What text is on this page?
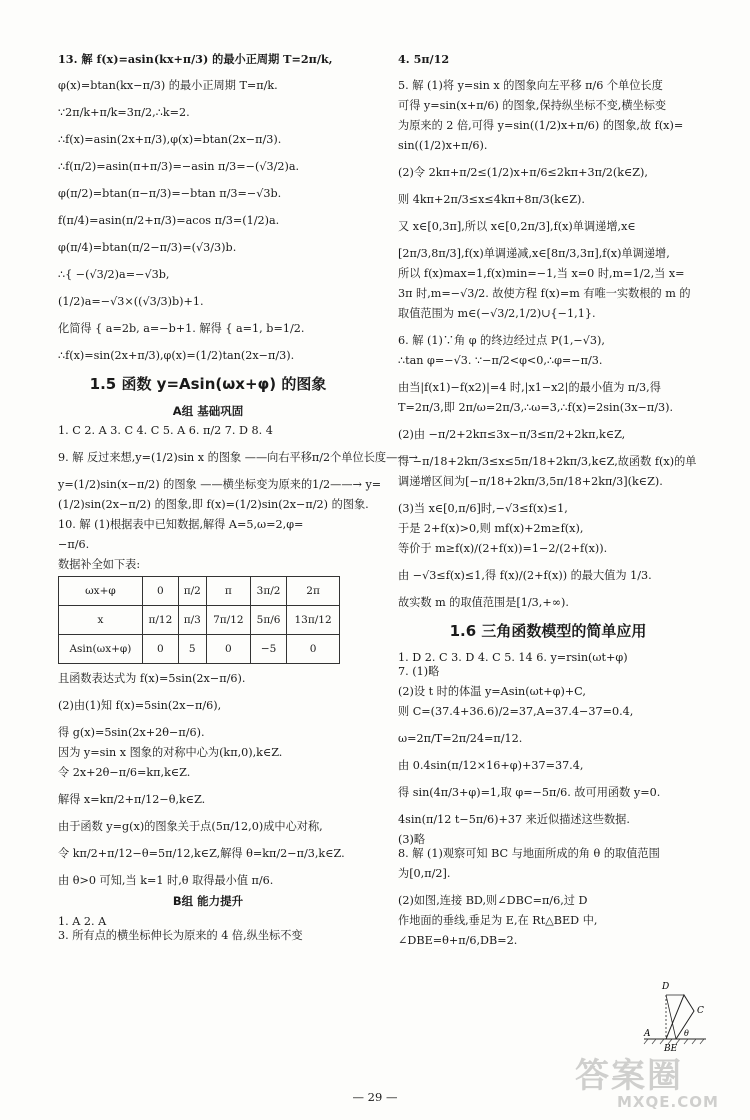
13. 解 f(x)=asin(kx+π/3) 的最小正周期 T=2π/k,

φ(x)=btan(kx−π/3) 的最小正周期 T=π/k.

∵2π/k+π/k=3π/2,∴k=2.

∴f(x)=asin(2x+π/3),φ(x)=btan(2x−π/3).

∴f(π/2)=asin(π+π/3)=−asin π/3=−(√3/2)a.

φ(π/2)=btan(π−π/3)=−btan π/3=−√3b.

f(π/4)=asin(π/2+π/3)=acos π/3=(1/2)a.

φ(π/4)=btan(π/2−π/3)=(√3/3)b.

∴{ −(√3/2)a=−√3b,

(1/2)a=−√3×((√3/3)b)+1.

化简得 { a=2b, a=−b+1. 解得 { a=1, b=1/2.

∴f(x)=sin(2x+π/3),φ(x)=(1/2)tan(2x−π/3).

1.5 函数 y=Asin(ωx+φ) 的图象
A组 基础巩固

1. C 2. A 3. C 4. C 5. A 6. π/2 7. D 8. 4

9. 解 反过来想,y=(1/2)sin x 的图象 ——向右平移π/2个单位长度——→

y=(1/2)sin(x−π/2) 的图象 ——横坐标变为原来的1/2——→ y=

(1/2)sin(2x−π/2) 的图象,即 f(x)=(1/2)sin(2x−π/2) 的图象.

10. 解 (1)根据表中已知数据,解得 A=5,ω=2,φ=

−π/6.

数据补全如下表:

ωx+φ	0	π/2	π	3π/2	2π
x	π/12	π/3	7π/12	5π/6	13π/12
Asin(ωx+φ)	0	5	0	−5	0

且函数表达式为 f(x)=5sin(2x−π/6).

(2)由(1)知 f(x)=5sin(2x−π/6),

得 g(x)=5sin(2x+2θ−π/6).

因为 y=sin x 图象的对称中心为(kπ,0),k∈Z.

令 2x+2θ−π/6=kπ,k∈Z.

解得 x=kπ/2+π/12−θ,k∈Z.

由于函数 y=g(x)的图象关于点(5π/12,0)成中心对称,

令 kπ/2+π/12−θ=5π/12,k∈Z,解得 θ=kπ/2−π/3,k∈Z.

由 θ>0 可知,当 k=1 时,θ 取得最小值 π/6.

B组 能力提升

1. A 2. A

3. 所有点的横坐标伸长为原来的 4 倍,纵坐标不变

4. 5π/12

5. 解 (1)将 y=sin x 的图象向左平移 π/6 个单位长度

可得 y=sin(x+π/6) 的图象,保持纵坐标不变,横坐标变

为原来的 2 倍,可得 y=sin((1/2)x+π/6) 的图象,故 f(x)=

sin((1/2)x+π/6).

(2)令 2kπ+π/2≤(1/2)x+π/6≤2kπ+3π/2(k∈Z),

则 4kπ+2π/3≤x≤4kπ+8π/3(k∈Z).

又 x∈[0,3π],所以 x∈[0,2π/3],f(x)单调递增,x∈

[2π/3,8π/3],f(x)单调递减,x∈[8π/3,3π],f(x)单调递增,

所以 f(x)max=1,f(x)min=−1,当 x=0 时,m=1/2,当 x=

3π 时,m=−√3/2. 故使方程 f(x)=m 有唯一实数根的 m 的

取值范围为 m∈(−√3/2,1/2)∪{−1,1}.

6. 解 (1)∵角 φ 的终边经过点 P(1,−√3),

∴tan φ=−√3. ∵−π/2<φ<0,∴φ=−π/3.

由当|f(x1)−f(x2)|=4 时,|x1−x2|的最小值为 π/3,得

T=2π/3,即 2π/ω=2π/3,∴ω=3,∴f(x)=2sin(3x−π/3).

(2)由 −π/2+2kπ≤3x−π/3≤π/2+2kπ,k∈Z,

得 −π/18+2kπ/3≤x≤5π/18+2kπ/3,k∈Z,故函数 f(x)的单

调递增区间为[−π/18+2kπ/3,5π/18+2kπ/3](k∈Z).

(3)当 x∈[0,π/6]时,−√3≤f(x)≤1,

于是 2+f(x)>0,则 mf(x)+2m≥f(x),

等价于 m≥f(x)/(2+f(x))=1−2/(2+f(x)).

由 −√3≤f(x)≤1,得 f(x)/(2+f(x)) 的最大值为 1/3.

故实数 m 的取值范围是[1/3,+∞).

1.6 三角函数模型的简单应用

1. D 2. C 3. D 4. C 5. 14 6. y=rsin(ωt+φ)

7. (1)略

(2)设 t 时的体温 y=Asin(ωt+φ)+C,

则 C=(37.4+36.6)/2=37,A=37.4−37=0.4,

ω=2π/T=2π/24=π/12.

由 0.4sin(π/12×16+φ)+37=37.4,

得 sin(4π/3+φ)=1,取 φ=−5π/6. 故可用函数 y=0.

4sin(π/12 t−5π/6)+37 来近似描述这些数据.

(3)略

8. 解 (1)观察可知 BC 与地面所成的角 θ 的取值范围

为[0,π/2].

(2)如图,连接 BD,则∠DBC=π/6,过 D

作地面的垂线,垂足为 E,在 Rt△BED 中,

∠DBE=θ+π/6,DB=2.

D
C
A
BE
θ
— 29 —
答案圈
MXQE.COM
